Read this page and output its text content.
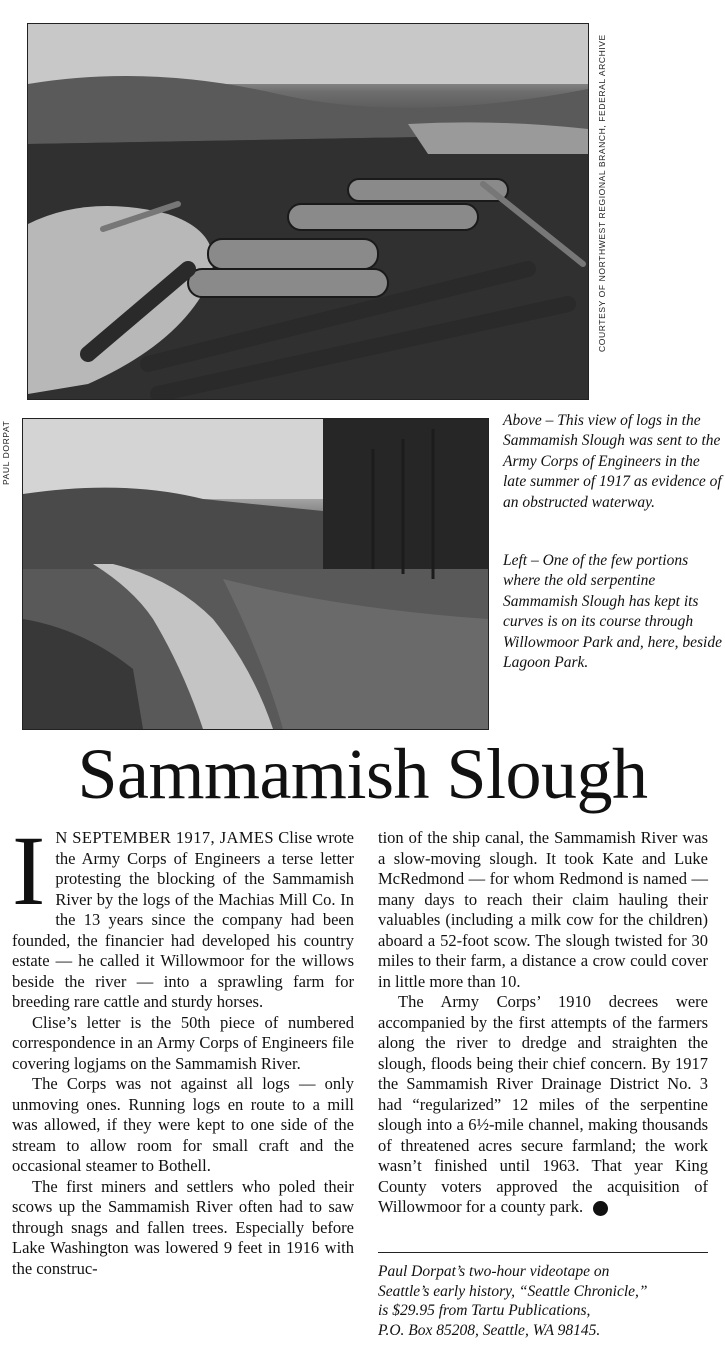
COURTESY OF NORTHWEST REGIONAL BRANCH, FEDERAL ARCHIVE
PAUL DORPAT

Above – This view of logs in the Sammamish Slough was sent to the Army Corps of Engineers in the late summer of 1917 as evidence of an obstructed waterway.

Left – One of the few portions where the old serpentine Sammamish Slough has kept its curves is on its course through Willowmoor Park and, here, beside Lagoon Park.

Sammamish Slough

I N SEPTEMBER 1917, JAMES Clise wrote the Army Corps of Engineers a terse letter protesting the blocking of the Sammamish River by the logs of the Machias Mill Co. In the 13 years since the company had been founded, the financier had developed his country estate — he called it Willowmoor for the willows beside the river — into a sprawling farm for breeding rare cattle and sturdy horses.

Clise’s letter is the 50th piece of numbered correspondence in an Army Corps of Engineers file covering logjams on the Sammamish River.

The Corps was not against all logs — only unmoving ones. Running logs en route to a mill was allowed, if they were kept to one side of the stream to allow room for small craft and the occasional steamer to Bothell.

The first miners and settlers who poled their scows up the Sammamish River often had to saw through snags and fallen trees. Especially before Lake Washington was lowered 9 feet in 1916 with the construc-

tion of the ship canal, the Sammamish River was a slow-moving slough. It took Kate and Luke McRedmond — for whom Redmond is named — many days to reach their claim hauling their valuables (including a milk cow for the children) aboard a 52-foot scow. The slough twisted for 30 miles to their farm, a distance a crow could cover in little more than 10.

The Army Corps’ 1910 decrees were accompanied by the first attempts of the farmers along the river to dredge and straighten the slough, floods being their chief concern. By 1917 the Sammamish River Drainage District No. 3 had “regularized” 12 miles of the serpentine slough into a 6½-mile channel, making thousands of threatened acres secure farmland; the work wasn’t finished until 1963. That year King County voters approved the acquisition of Willowmoor for a county park.	P

Paul Dorpat’s two-hour videotape on
Seattle’s early history, “Seattle Chronicle,”
is $29.95 from Tartu Publications,
P.O. Box 85208, Seattle, WA 98145.
